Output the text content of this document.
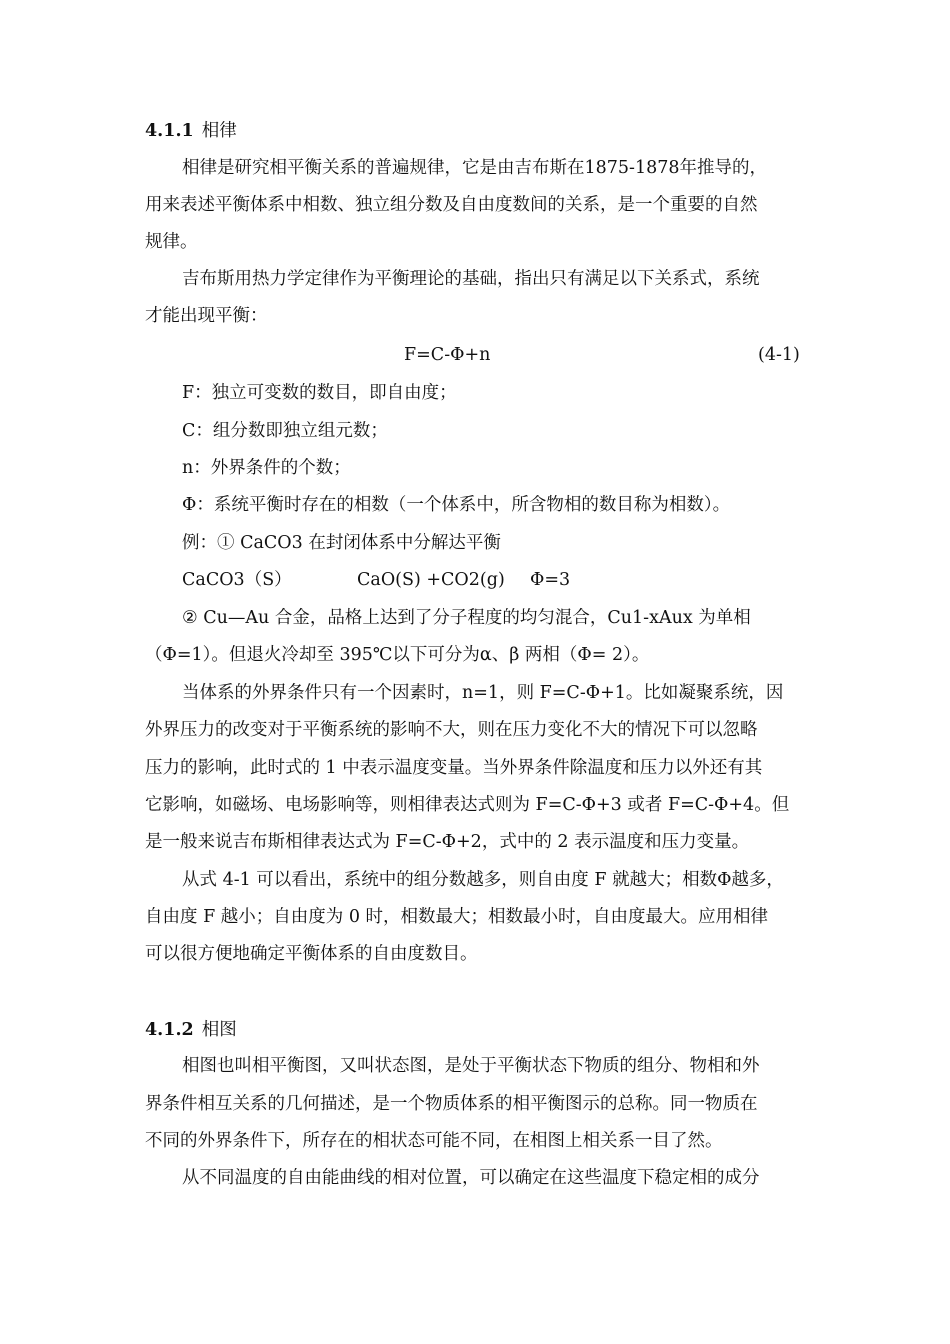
4.1.1 相律
相律是研究相平衡关系的普遍规律，它是由吉布斯在1875-1878年推导的，
用来表述平衡体系中相数、独立组分数及自由度数间的关系，是一个重要的自然
规律。
吉布斯用热力学定律作为平衡理论的基础，指出只有满足以下关系式，系统
才能出现平衡：
F=C-Φ+n	(4-1)
F：独立可变数的数目，即自由度；
C：组分数即独立组元数；
n：外界条件的个数；
Φ：系统平衡时存在的相数（一个体系中，所含物相的数目称为相数）。
例：① CaCO3 在封闭体系中分解达平衡
CaCO3（S）	CaO(S) +CO2(g) Φ=3
② Cu—Au 合金，品格上达到了分子程度的均匀混合，Cu1-xAux 为单相
（Φ=1）。但退火冷却至 395℃以下可分为α、β 两相（Φ= 2）。
当体系的外界条件只有一个因素时，n=1，则 F=C-Φ+1。比如凝聚系统，因
外界压力的改变对于平衡系统的影响不大，则在压力变化不大的情况下可以忽略
压力的影响，此时式的 1 中表示温度变量。当外界条件除温度和压力以外还有其
它影响，如磁场、电场影响等，则相律表达式则为 F=C-Φ+3 或者 F=C-Φ+4。但
是一般来说吉布斯相律表达式为 F=C-Φ+2，式中的 2 表示温度和压力变量。
从式 4-1 可以看出，系统中的组分数越多，则自由度 F 就越大；相数Φ越多，
自由度 F 越小；自由度为 0 时，相数最大；相数最小时，自由度最大。应用相律
可以很方便地确定平衡体系的自由度数目。
4.1.2 相图
相图也叫相平衡图，又叫状态图，是处于平衡状态下物质的组分、物相和外
界条件相互关系的几何描述，是一个物质体系的相平衡图示的总称。同一物质在
不同的外界条件下，所存在的相状态可能不同，在相图上相关系一目了然。
从不同温度的自由能曲线的相对位置，可以确定在这些温度下稳定相的成分
